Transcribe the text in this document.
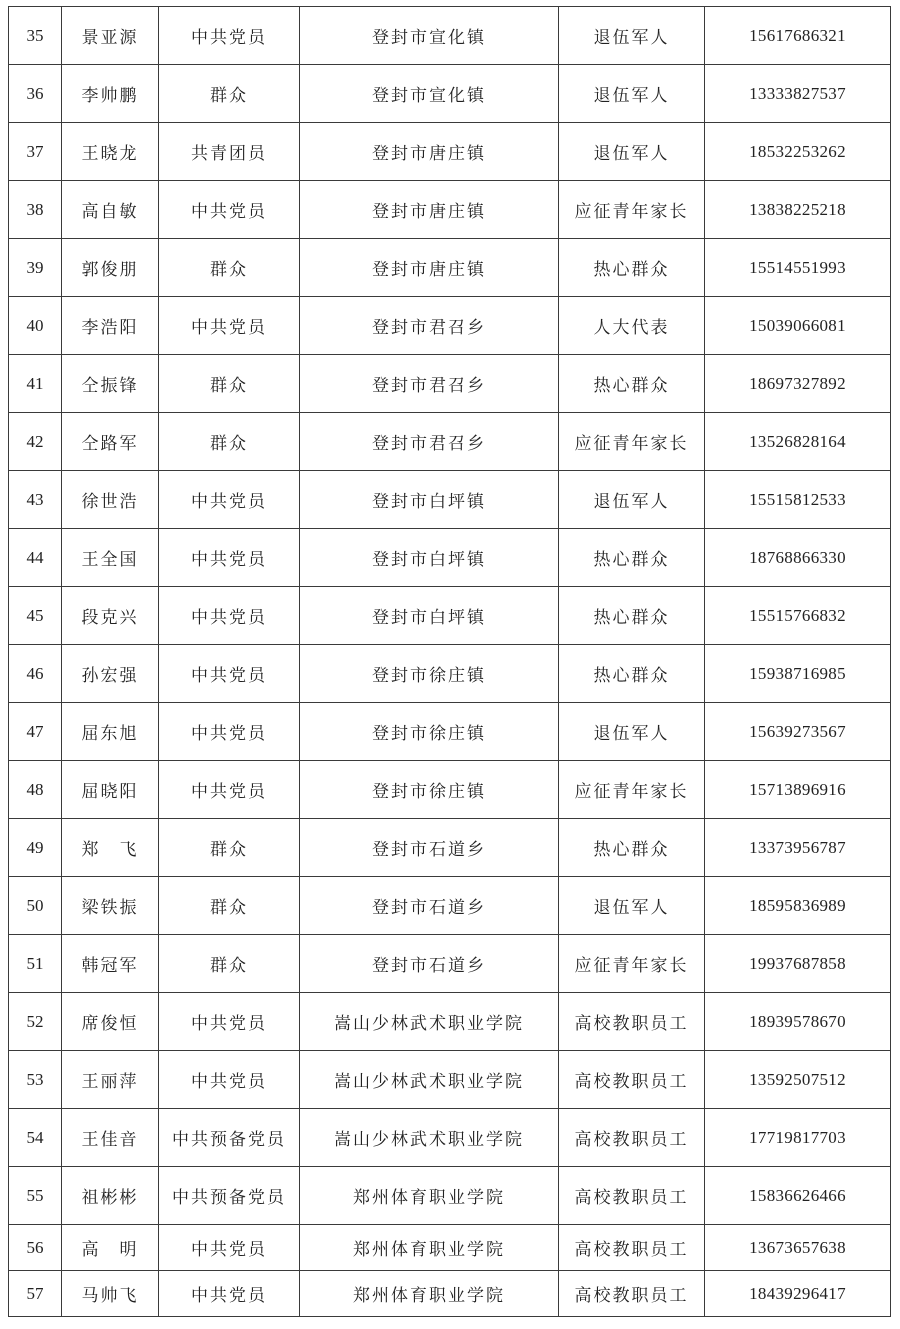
35	景亚源	中共党员	登封市宣化镇	退伍军人	15617686321
36	李帅鹏	群众	登封市宣化镇	退伍军人	13333827537
37	王晓龙	共青团员	登封市唐庄镇	退伍军人	18532253262
38	高自敏	中共党员	登封市唐庄镇	应征青年家长	13838225218
39	郭俊朋	群众	登封市唐庄镇	热心群众	15514551993
40	李浩阳	中共党员	登封市君召乡	人大代表	15039066081
41	仝振锋	群众	登封市君召乡	热心群众	18697327892
42	仝路军	群众	登封市君召乡	应征青年家长	13526828164
43	徐世浩	中共党员	登封市白坪镇	退伍军人	15515812533
44	王全国	中共党员	登封市白坪镇	热心群众	18768866330
45	段克兴	中共党员	登封市白坪镇	热心群众	15515766832
46	孙宏强	中共党员	登封市徐庄镇	热心群众	15938716985
47	屈东旭	中共党员	登封市徐庄镇	退伍军人	15639273567
48	屈晓阳	中共党员	登封市徐庄镇	应征青年家长	15713896916
49	郑　飞	群众	登封市石道乡	热心群众	13373956787
50	梁铁振	群众	登封市石道乡	退伍军人	18595836989
51	韩冠军	群众	登封市石道乡	应征青年家长	19937687858
52	席俊恒	中共党员	嵩山少林武术职业学院	高校教职员工	18939578670
53	王丽萍	中共党员	嵩山少林武术职业学院	高校教职员工	13592507512
54	王佳音	中共预备党员	嵩山少林武术职业学院	高校教职员工	17719817703
55	祖彬彬	中共预备党员	郑州体育职业学院	高校教职员工	15836626466
56	高　明	中共党员	郑州体育职业学院	高校教职员工	13673657638
57	马帅飞	中共党员	郑州体育职业学院	高校教职员工	18439296417
